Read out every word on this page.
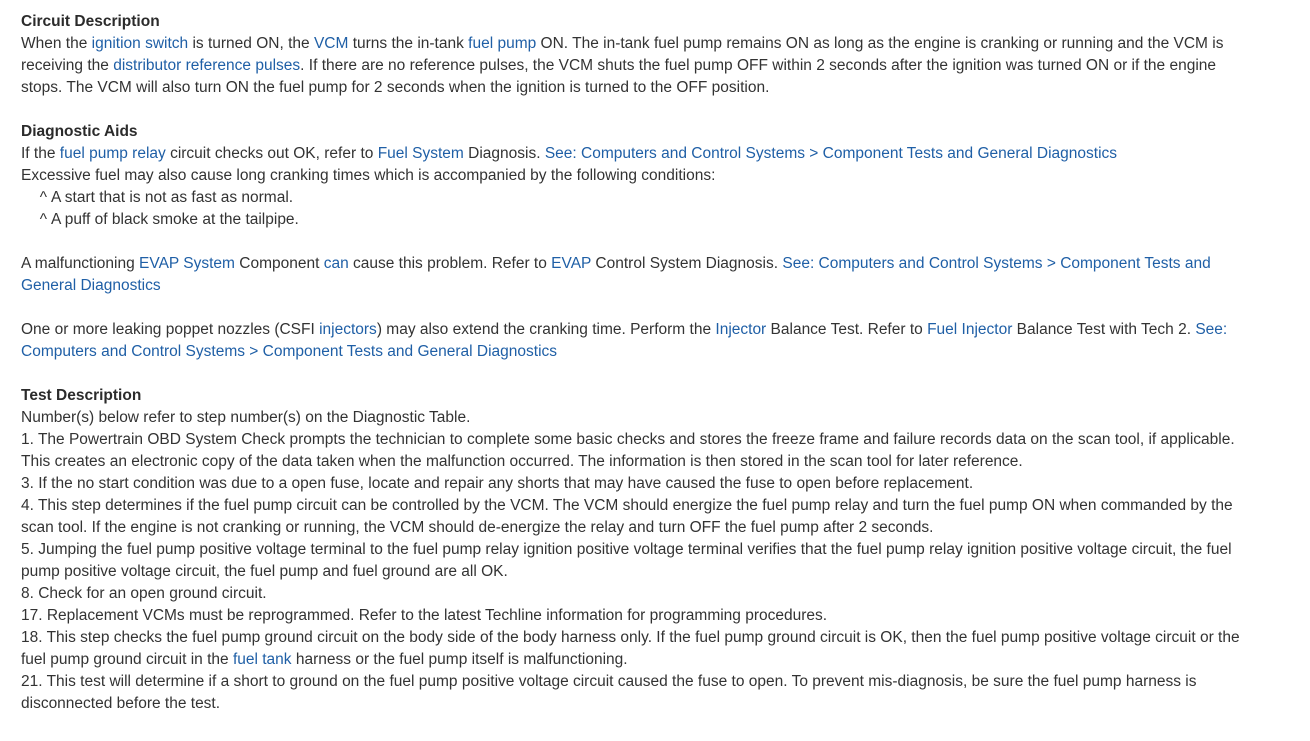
Circuit Description

When the ignition switch is turned ON, the VCM turns the in-tank fuel pump ON. The in-tank fuel pump remains ON as long as the engine is cranking or running and the VCM is receiving the distributor reference pulses. If there are no reference pulses, the VCM shuts the fuel pump OFF within 2 seconds after the ignition was turned ON or if the engine stops. The VCM will also turn ON the fuel pump for 2 seconds when the ignition is turned to the OFF position.

Diagnostic Aids

If the fuel pump relay circuit checks out OK, refer to Fuel System Diagnosis. See: Computers and Control Systems > Component Tests and General Diagnostics

Excessive fuel may also cause long cranking times which is accompanied by the following conditions:

^ A start that is not as fast as normal.

^ A puff of black smoke at the tailpipe.

A malfunctioning EVAP System Component can cause this problem. Refer to EVAP Control System Diagnosis. See: Computers and Control Systems > Component Tests and General Diagnostics

One or more leaking poppet nozzles (CSFI injectors) may also extend the cranking time. Perform the Injector Balance Test. Refer to Fuel Injector Balance Test with Tech 2. See: Computers and Control Systems > Component Tests and General Diagnostics

Test Description

Number(s) below refer to step number(s) on the Diagnostic Table.

1. The Powertrain OBD System Check prompts the technician to complete some basic checks and stores the freeze frame and failure records data on the scan tool, if applicable. This creates an electronic copy of the data taken when the malfunction occurred. The information is then stored in the scan tool for later reference.

3. If the no start condition was due to a open fuse, locate and repair any shorts that may have caused the fuse to open before replacement.

4. This step determines if the fuel pump circuit can be controlled by the VCM. The VCM should energize the fuel pump relay and turn the fuel pump ON when commanded by the scan tool. If the engine is not cranking or running, the VCM should de-energize the relay and turn OFF the fuel pump after 2 seconds.

5. Jumping the fuel pump positive voltage terminal to the fuel pump relay ignition positive voltage terminal verifies that the fuel pump relay ignition positive voltage circuit, the fuel pump positive voltage circuit, the fuel pump and fuel ground are all OK.

8. Check for an open ground circuit.

17. Replacement VCMs must be reprogrammed. Refer to the latest Techline information for programming procedures.

18. This step checks the fuel pump ground circuit on the body side of the body harness only. If the fuel pump ground circuit is OK, then the fuel pump positive voltage circuit or the fuel pump ground circuit in the fuel tank harness or the fuel pump itself is malfunctioning.

21. This test will determine if a short to ground on the fuel pump positive voltage circuit caused the fuse to open. To prevent mis-diagnosis, be sure the fuel pump harness is disconnected before the test.
